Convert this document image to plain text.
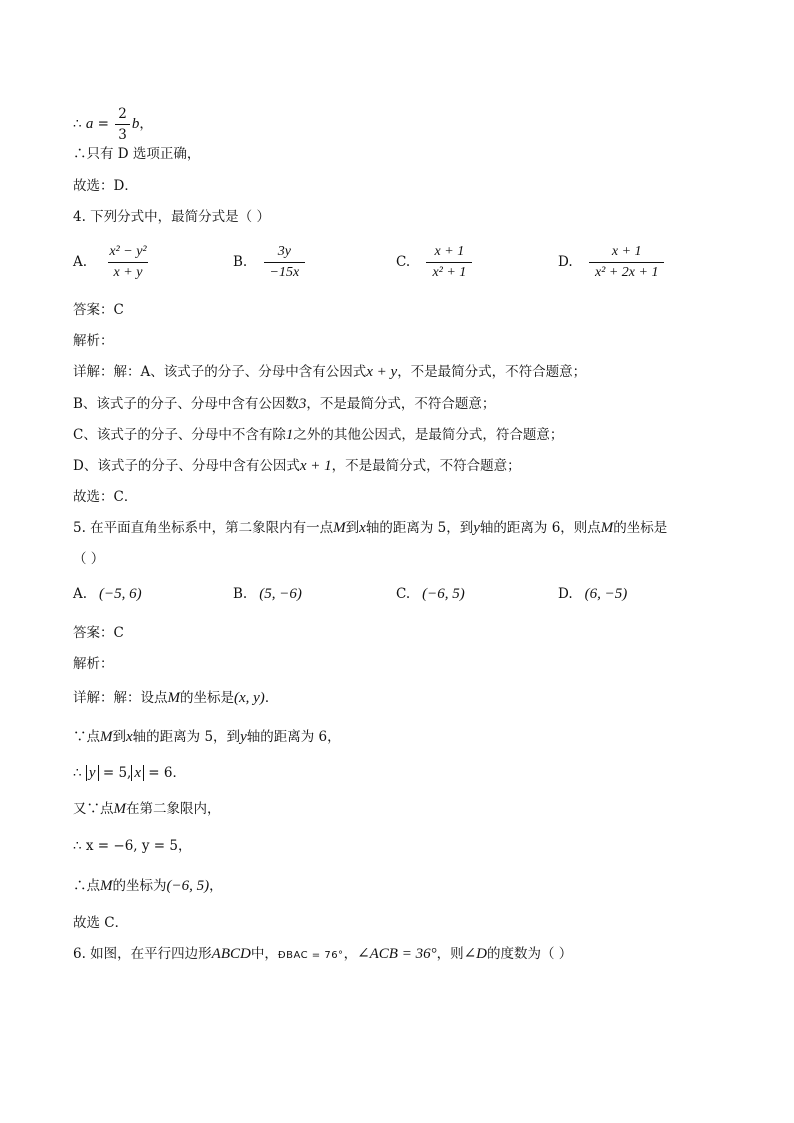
∴ $a = \frac{2}{3}$ b，
∴只有 D 选项正确，
故选：D．
4. 下列分式中，最简分式是（ ）
A. $\frac{\text{x² − y²}}{x + y}$	B. $\frac{3y}{-15x}$	C. $\frac{x + 1}{\text{x² + 1}}$	D. $\frac{x + 1}{\text{x² + 2x + 1}}$
答案：C
解析：
详解：解：A、该式子的分子、分母中含有公因式x + y，不是最简分式，不符合题意；
B、该式子的分子、分母中含有公因数3，不是最简分式，不符合题意；
C、该式子的分子、分母中不含有除1之外的其他公因式，是最简分式，符合题意；
D、该式子的分子、分母中含有公因式x + 1，不是最简分式，不符合题意；
故选：C．
5. 在平面直角坐标系中，第二象限内有一点M到x轴的距离为 5，到y轴的距离为 6，则点M的坐标是
（ ）
A. (−5, 6)	B. (5, −6)	C. (−6, 5)	D. (6, −5)
答案：C
解析：
详解：解：设点M的坐标是(x, y)．
∵点M到x轴的距离为 5，到y轴的距离为 6，
∴ y = 5, x = 6．
又∵点M在第二象限内，
∴ x = −6, y = 5，
∴点M的坐标为(−6, 5)，
故选 C．
6. 如图，在平行四边形ABCD中，ÐBAC = 76°，∠ACB = 36°，则∠D的度数为（ ）
